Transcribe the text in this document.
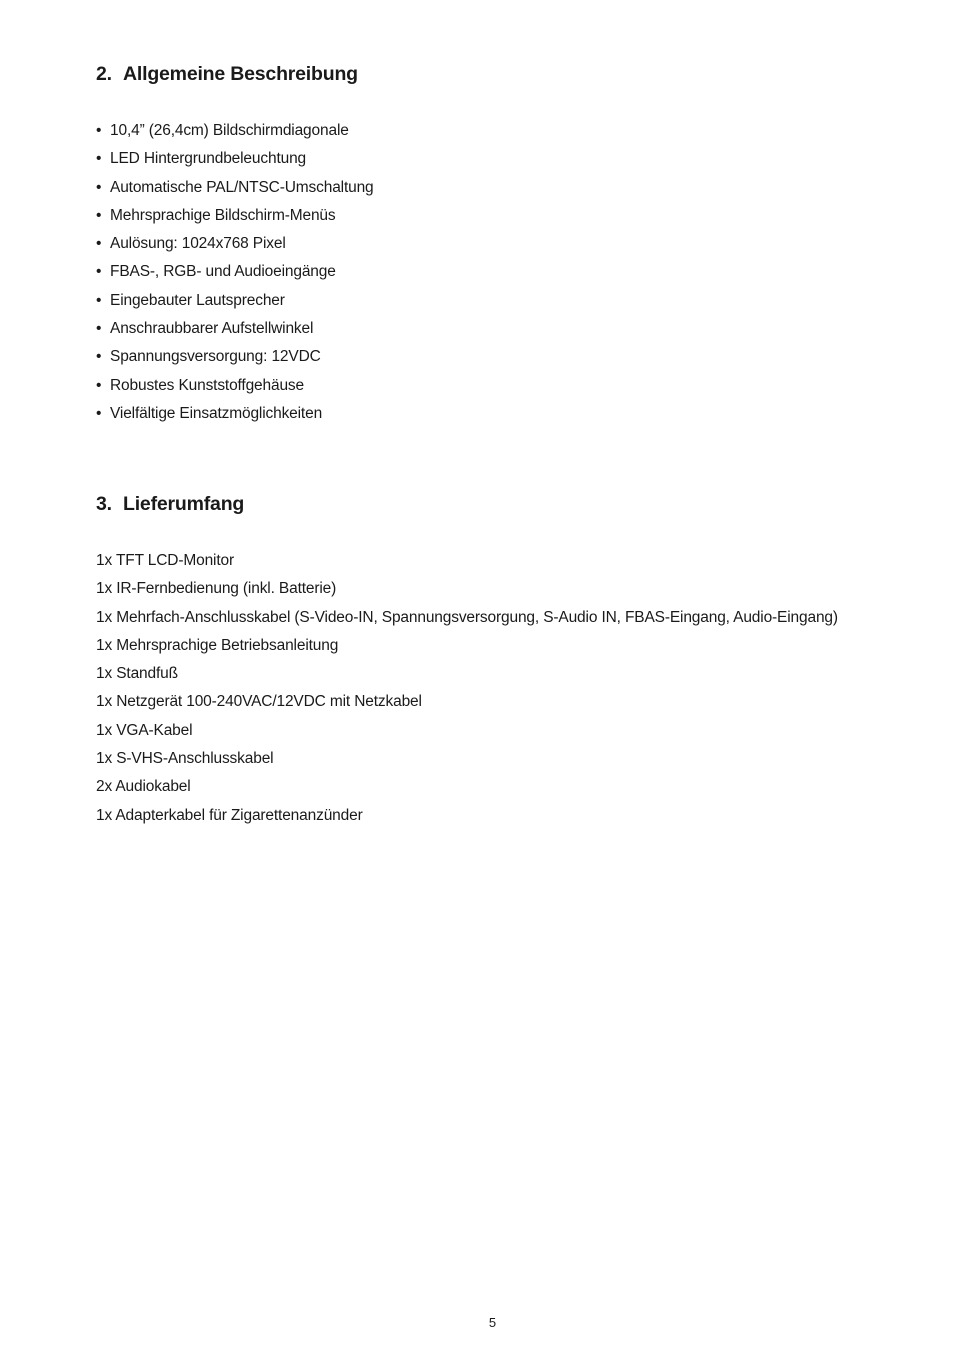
2. Allgemeine Beschreibung
• 10,4” (26,4cm) Bildschirmdiagonale
• LED Hintergrundbeleuchtung
• Automatische PAL/NTSC-Umschaltung
• Mehrsprachige Bildschirm-Menüs
• Aulösung: 1024x768 Pixel
• FBAS-, RGB- und Audioeingänge
• Eingebauter Lautsprecher
• Anschraubbarer Aufstellwinkel
• Spannungsversorgung: 12VDC
• Robustes Kunststoffgehäuse
• Vielfältige Einsatzmöglichkeiten
3. Lieferumfang
1x TFT LCD-Monitor
1x IR-Fernbedienung (inkl. Batterie)
1x Mehrfach-Anschlusskabel (S-Video-IN, Spannungsversorgung, S-Audio IN, FBAS-Eingang, Audio-Eingang)
1x Mehrsprachige Betriebsanleitung
1x Standfuß
1x Netzgerät 100-240VAC/12VDC mit Netzkabel
1x VGA-Kabel
1x S-VHS-Anschlusskabel
2x Audiokabel
1x Adapterkabel für Zigarettenanzünder
5
